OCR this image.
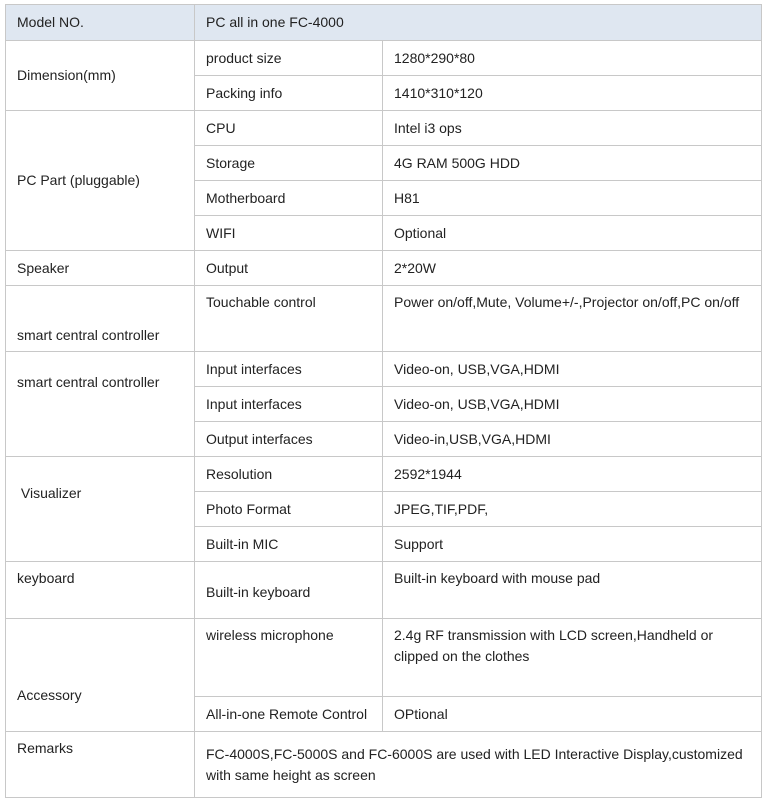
Model NO.	PC all in one FC-4000	
Dimension(mm)	product size	1280*290*80
	Packing info	1410*310*120
PC Part (pluggable)	CPU	Intel i3 ops
	Storage	4G RAM 500G HDD
	Motherboard	H81
	WIFI	Optional
Speaker	Output	2*20W
smart central controller	Touchable control	Power on/off,Mute, Volume+/-,Projector on/off,PC on/off
smart central controller	Input interfaces	Video-on, USB,VGA,HDMI
	Input interfaces	Video-on, USB,VGA,HDMI
	Output interfaces	Video-in,USB,VGA,HDMI
Visualizer	Resolution	2592*1944
	Photo Format	JPEG,TIF,PDF,
	Built-in MIC	Support
keyboard	Built-in keyboard	Built-in keyboard with mouse pad
Accessory	wireless microphone	2.4g RF transmission with LCD screen,Handheld or clipped on the clothes
	All-in-one Remote Control	OPtional
Remarks	FC-4000S,FC-5000S and FC-6000S are used with LED Interactive Display,customized with same height as screen	
